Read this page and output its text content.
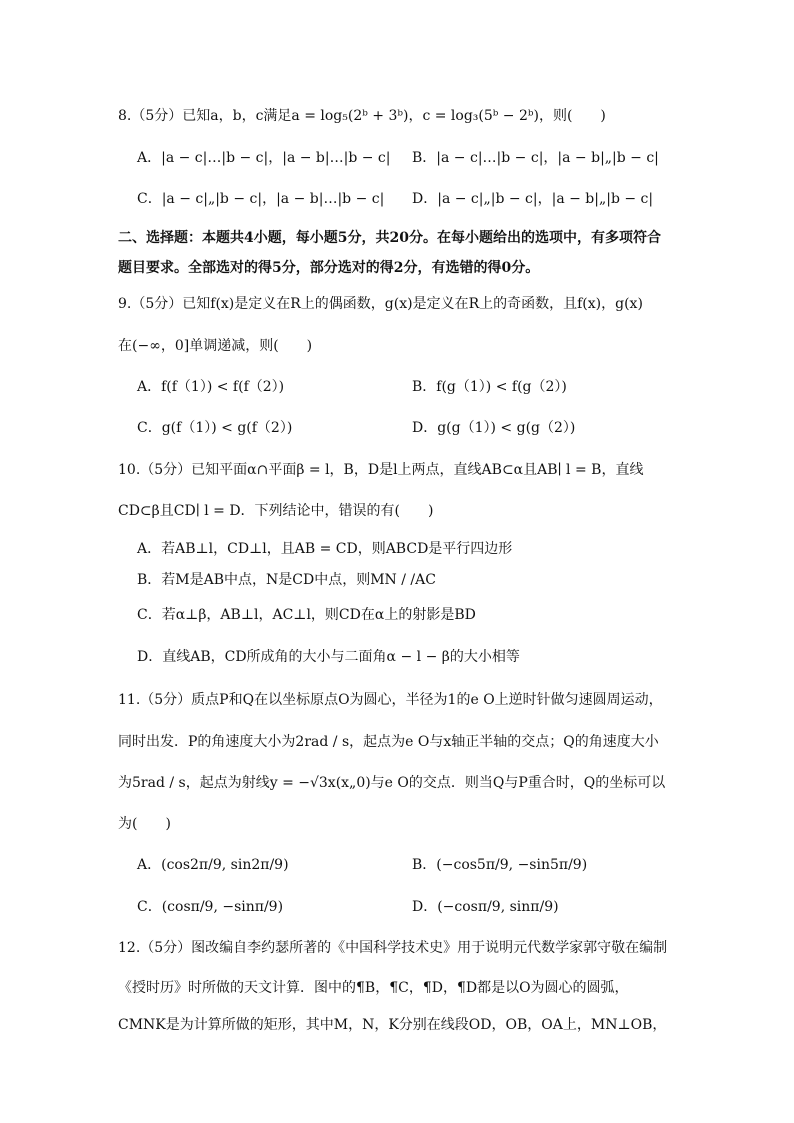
8.（5分）已知a，b，c满足a = log₅(2ᵇ + 3ᵇ)，c = log₃(5ᵇ − 2ᵇ)，则(　　)
A．|a − c|…|b − c|，|a − b|…|b − c| B．|a − c|…|b − c|，|a − b|„|b − c|
C．|a − c|„|b − c|，|a − b|…|b − c| D．|a − c|„|b − c|，|a − b|„|b − c|
二、选择题：本题共4小题，每小题5分，共20分。在每小题给出的选项中，有多项符合
题目要求。全部选对的得5分，部分选对的得2分，有选错的得0分。
9.（5分）已知f(x)是定义在R上的偶函数，g(x)是定义在R上的奇函数，且f(x)，g(x)
在(−∞，0]单调递减，则(　　)
A．f(f（1）) < f(f（2）)	B．f(g（1）) < f(g（2）)
C．g(f（1）) < g(f（2）)	D．g(g（1）) < g(g（2）)
10.（5分）已知平面α∩平面β = l，B，D是l上两点，直线AB⊂α且AB∣ l = B，直线
CD⊂β且CD∣ l = D．下列结论中，错误的有(　　)
A．若AB⊥l，CD⊥l，且AB = CD，则ABCD是平行四边形
B．若M是AB中点，N是CD中点，则MN / /AC
C．若α⊥β，AB⊥l，AC⊥l，则CD在α上的射影是BD
D．直线AB，CD所成角的大小与二面角α − l − β的大小相等
11.（5分）质点P和Q在以坐标原点O为圆心，半径为1的e O上逆时针做匀速圆周运动，
同时出发．P的角速度大小为2rad / s，起点为e O与x轴正半轴的交点；Q的角速度大小
为5rad / s，起点为射线y = −√3x(x„0)与e O的交点．则当Q与P重合时，Q的坐标可以
为(　　)
A．(cos2π/9, sin2π/9)	B．(−cos5π/9, −sin5π/9)
C．(cosπ/9, −sinπ/9)	D．(−cosπ/9, sinπ/9)
12.（5分）图改编自李约瑟所著的《中国科学技术史》用于说明元代数学家郭守敬在编制
《授时历》时所做的天文计算．图中的¶B，¶C，¶D，¶D都是以O为圆心的圆弧，
CMNK是为计算所做的矩形，其中M，N，K分别在线段OD，OB，OA上，MN⊥OB，
